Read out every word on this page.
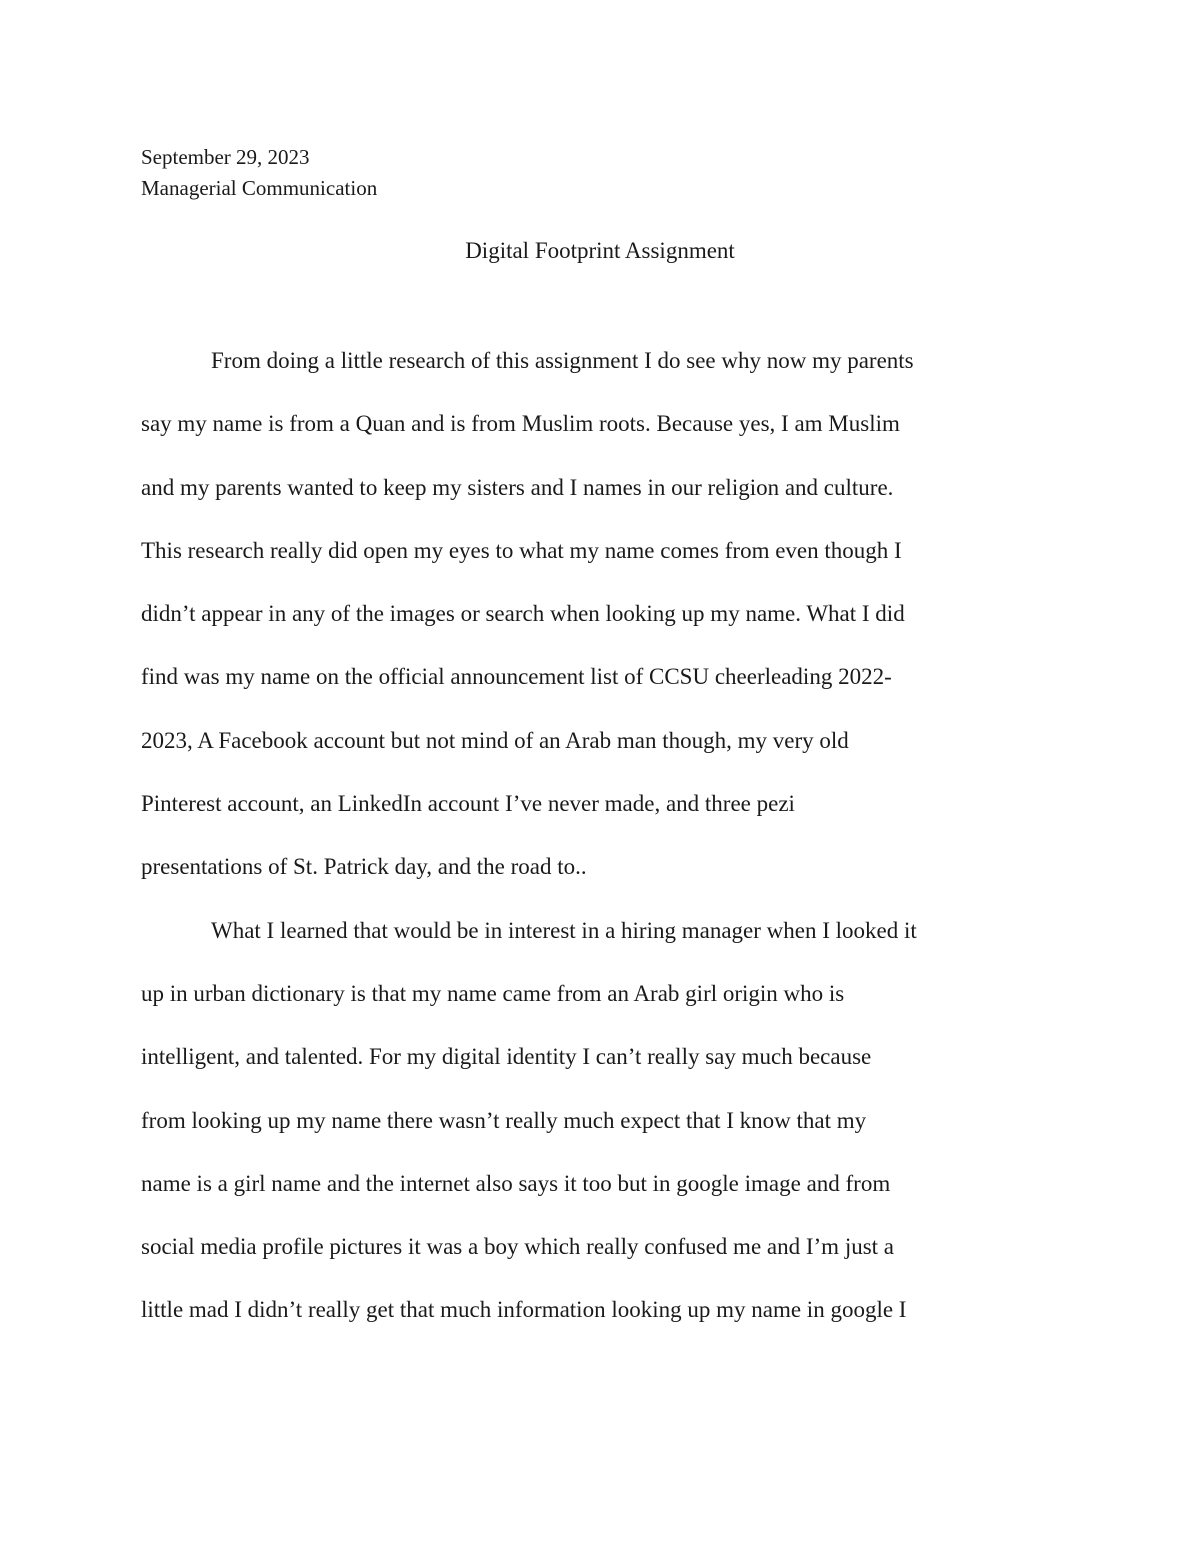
September 29, 2023
Managerial Communication
Digital Footprint Assignment
From doing a little research of this assignment I do see why now my parents
say my name is from a Quan and is from Muslim roots. Because yes, I am Muslim
and my parents wanted to keep my sisters and I names in our religion and culture.
This research really did open my eyes to what my name comes from even though I
didn’t appear in any of the images or search when looking up my name. What I did
find was my name on the official announcement list of CCSU cheerleading 2022-
2023, A Facebook account but not mind of an Arab man though, my very old
Pinterest account, an LinkedIn account I’ve never made, and three pezi
presentations of St. Patrick day, and the road to..
What I learned that would be in interest in a hiring manager when I looked it
up in urban dictionary is that my name came from an Arab girl origin who is
intelligent, and talented. For my digital identity I can’t really say much because
from looking up my name there wasn’t really much expect that I know that my
name is a girl name and the internet also says it too but in google image and from
social media profile pictures it was a boy which really confused me and I’m just a
little mad I didn’t really get that much information looking up my name in google I
